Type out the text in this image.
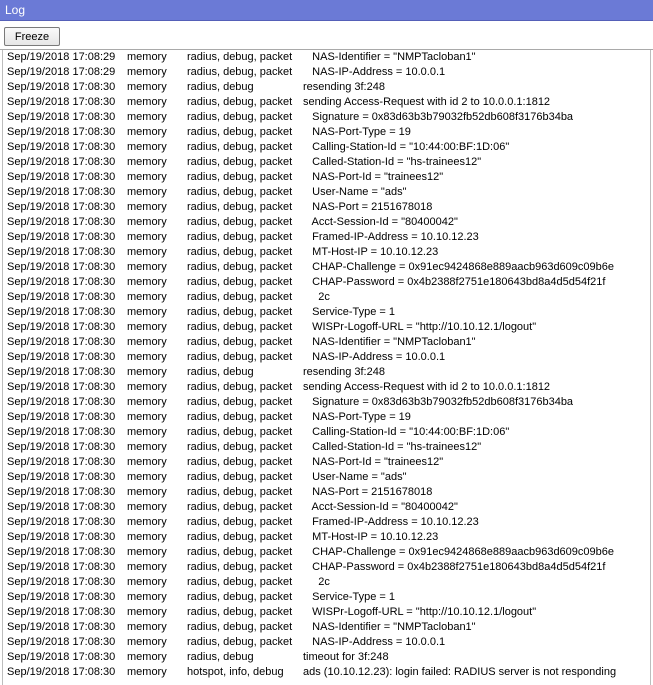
Log
Freeze
Sep/19/2018 17:08:29 memory radius, debug, packet NAS-Identifier = "NMPTacloban1"
Sep/19/2018 17:08:29 memory radius, debug, packet NAS-IP-Address = 10.0.0.1
Sep/19/2018 17:08:30 memory radius, debug	resending 3f:248
Sep/19/2018 17:08:30 memory radius, debug, packet sending Access-Request with id 2 to 10.0.0.1:1812
Sep/19/2018 17:08:30 memory radius, debug, packet Signature = 0x83d63b3b79032fb52db608f3176b34ba
Sep/19/2018 17:08:30 memory radius, debug, packet NAS-Port-Type = 19
Sep/19/2018 17:08:30 memory radius, debug, packet Calling-Station-Id = "10:44:00:BF:1D:06"
Sep/19/2018 17:08:30 memory radius, debug, packet Called-Station-Id = "hs-trainees12"
Sep/19/2018 17:08:30 memory radius, debug, packet NAS-Port-Id = "trainees12"
Sep/19/2018 17:08:30 memory radius, debug, packet User-Name = "ads"
Sep/19/2018 17:08:30 memory radius, debug, packet NAS-Port = 2151678018
Sep/19/2018 17:08:30 memory radius, debug, packet Acct-Session-Id = "80400042"
Sep/19/2018 17:08:30 memory radius, debug, packet Framed-IP-Address = 10.10.12.23
Sep/19/2018 17:08:30 memory radius, debug, packet MT-Host-IP = 10.10.12.23
Sep/19/2018 17:08:30 memory radius, debug, packet CHAP-Challenge = 0x91ec9424868e889aacb963d609c09b6e
Sep/19/2018 17:08:30 memory radius, debug, packet CHAP-Password = 0x4b2388f2751e180643bd8a4d5d54f21f
Sep/19/2018 17:08:30 memory radius, debug, packet 2c
Sep/19/2018 17:08:30 memory radius, debug, packet Service-Type = 1
Sep/19/2018 17:08:30 memory radius, debug, packet WISPr-Logoff-URL = "http://10.10.12.1/logout"
Sep/19/2018 17:08:30 memory radius, debug, packet NAS-Identifier = "NMPTacloban1"
Sep/19/2018 17:08:30 memory radius, debug, packet NAS-IP-Address = 10.0.0.1
Sep/19/2018 17:08:30 memory radius, debug	resending 3f:248
Sep/19/2018 17:08:30 memory radius, debug, packet sending Access-Request with id 2 to 10.0.0.1:1812
Sep/19/2018 17:08:30 memory radius, debug, packet Signature = 0x83d63b3b79032fb52db608f3176b34ba
Sep/19/2018 17:08:30 memory radius, debug, packet NAS-Port-Type = 19
Sep/19/2018 17:08:30 memory radius, debug, packet Calling-Station-Id = "10:44:00:BF:1D:06"
Sep/19/2018 17:08:30 memory radius, debug, packet Called-Station-Id = "hs-trainees12"
Sep/19/2018 17:08:30 memory radius, debug, packet NAS-Port-Id = "trainees12"
Sep/19/2018 17:08:30 memory radius, debug, packet User-Name = "ads"
Sep/19/2018 17:08:30 memory radius, debug, packet NAS-Port = 2151678018
Sep/19/2018 17:08:30 memory radius, debug, packet Acct-Session-Id = "80400042"
Sep/19/2018 17:08:30 memory radius, debug, packet Framed-IP-Address = 10.10.12.23
Sep/19/2018 17:08:30 memory radius, debug, packet MT-Host-IP = 10.10.12.23
Sep/19/2018 17:08:30 memory radius, debug, packet CHAP-Challenge = 0x91ec9424868e889aacb963d609c09b6e
Sep/19/2018 17:08:30 memory radius, debug, packet CHAP-Password = 0x4b2388f2751e180643bd8a4d5d54f21f
Sep/19/2018 17:08:30 memory radius, debug, packet 2c
Sep/19/2018 17:08:30 memory radius, debug, packet Service-Type = 1
Sep/19/2018 17:08:30 memory radius, debug, packet WISPr-Logoff-URL = "http://10.10.12.1/logout"
Sep/19/2018 17:08:30 memory radius, debug, packet NAS-Identifier = "NMPTacloban1"
Sep/19/2018 17:08:30 memory radius, debug, packet NAS-IP-Address = 10.0.0.1
Sep/19/2018 17:08:30 memory radius, debug	timeout for 3f:248
Sep/19/2018 17:08:30 memory hotspot, info, debug ads (10.10.12.23): login failed: RADIUS server is not responding
